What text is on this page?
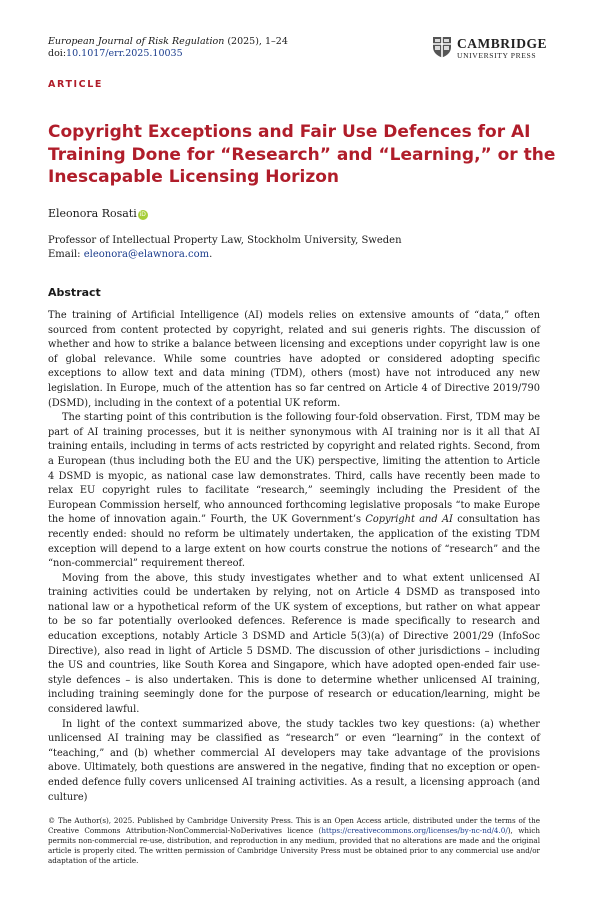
European Journal of Risk Regulation (2025), 1–24
doi:10.1017/err.2025.10035
CAMBRIDGE
UNIVERSITY PRESS
ARTICLE
Copyright Exceptions and Fair Use Defences for AI Training Done for “Research” and “Learning,” or the Inescapable Licensing Horizon
Eleonora Rosati iD
Professor of Intellectual Property Law, Stockholm University, Sweden
Email: eleonora@elawnora.com.
Abstract

The training of Artificial Intelligence (AI) models relies on extensive amounts of “data,” often sourced from content protected by copyright, related and sui generis rights. The discussion of whether and how to strike a balance between licensing and exceptions under copyright law is one of global relevance. While some countries have adopted or considered adopting specific exceptions to allow text and data mining (TDM), others (most) have not introduced any new legislation. In Europe, much of the attention has so far centred on Article 4 of Directive 2019/790 (DSMD), including in the context of a potential UK reform.

The starting point of this contribution is the following four-fold observation. First, TDM may be part of AI training processes, but it is neither synonymous with AI training nor is it all that AI training entails, including in terms of acts restricted by copyright and related rights. Second, from a European (thus including both the EU and the UK) perspective, limiting the attention to Article 4 DSMD is myopic, as national case law demonstrates. Third, calls have recently been made to relax EU copyright rules to facilitate “research,” seemingly including the President of the European Commission herself, who announced forthcoming legislative proposals “to make Europe the home of innovation again.” Fourth, the UK Government’s Copyright and AI consultation has recently ended: should no reform be ultimately undertaken, the application of the existing TDM exception will depend to a large extent on how courts construe the notions of “research” and the “non-commercial” requirement thereof.

Moving from the above, this study investigates whether and to what extent unlicensed AI training activities could be undertaken by relying, not on Article 4 DSMD as transposed into national law or a hypothetical reform of the UK system of exceptions, but rather on what appear to be so far potentially overlooked defences. Reference is made specifically to research and education exceptions, notably Article 3 DSMD and Article 5(3)(a) of Directive 2001/29 (InfoSoc Directive), also read in light of Article 5 DSMD. The discussion of other jurisdictions – including the US and countries, like South Korea and Singapore, which have adopted open-ended fair use-style defences – is also undertaken. This is done to determine whether unlicensed AI training, including training seemingly done for the purpose of research or education/learning, might be considered lawful.

In light of the context summarized above, the study tackles two key questions: (a) whether unlicensed AI training may be classified as “research” or even “learning” in the context of “teaching,” and (b) whether commercial AI developers may take advantage of the provisions above. Ultimately, both questions are answered in the negative, finding that no exception or open-ended defence fully covers unlicensed AI training activities. As a result, a licensing approach (and culture)

© The Author(s), 2025. Published by Cambridge University Press. This is an Open Access article, distributed under the terms of the Creative Commons Attribution-NonCommercial-NoDerivatives licence (https://creativecommons.org/licenses/by-nc-nd/4.0/), which permits non-commercial re-use, distribution, and reproduction in any medium, provided that no alterations are made and the original article is properly cited. The written permission of Cambridge University Press must be obtained prior to any commercial use and/or adaptation of the article.
